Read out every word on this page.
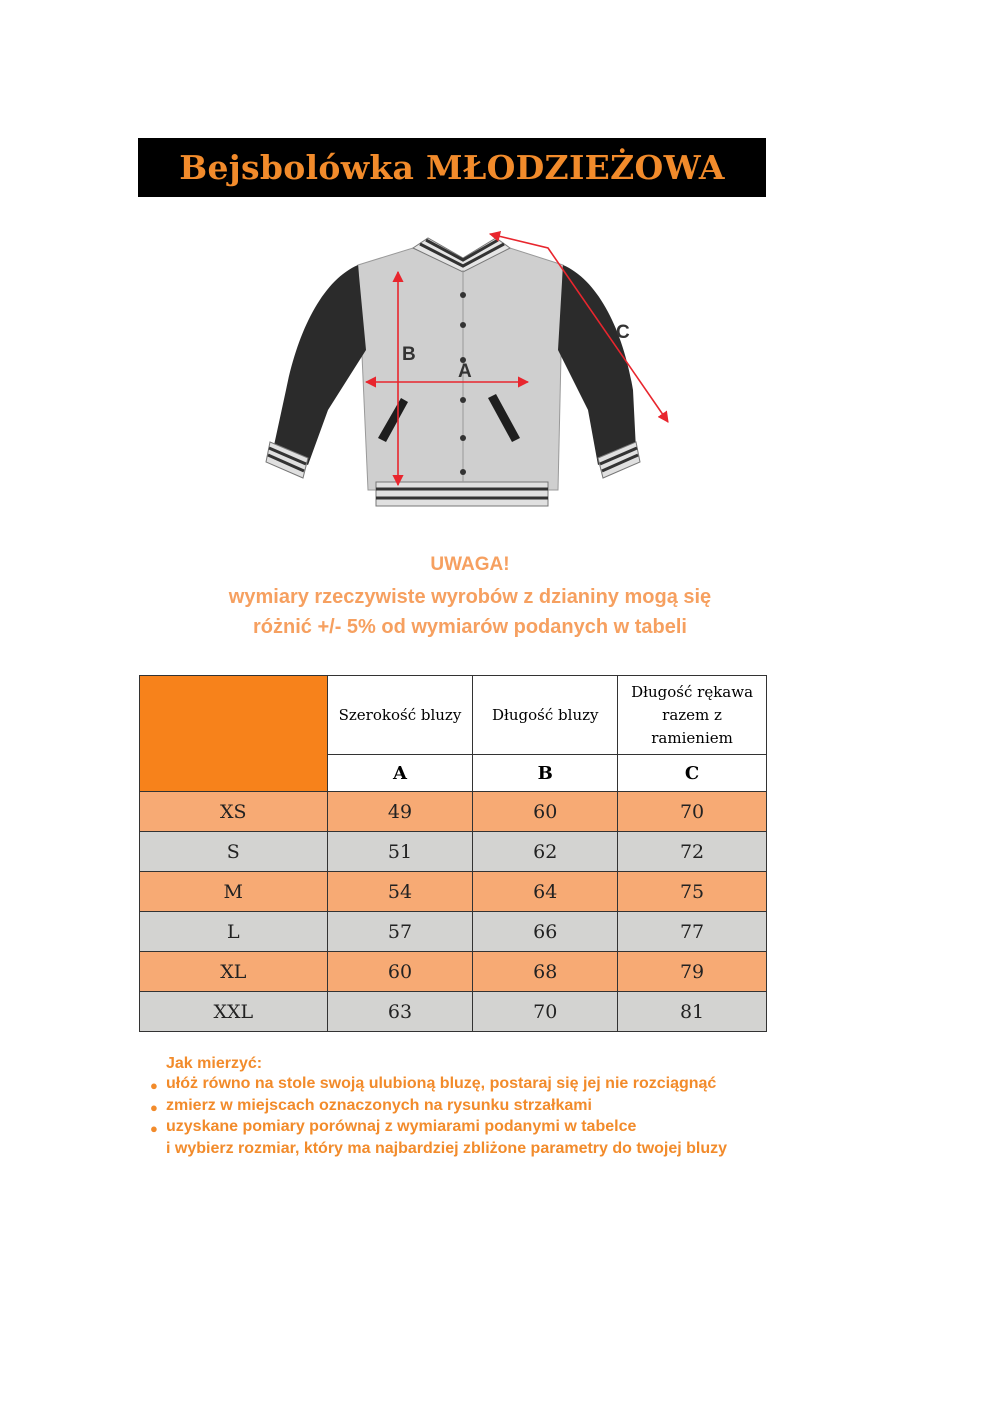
Bejsbolówka MŁODZIEŻOWA
B
A
C
UWAGA!
wymiary rzeczywiste wyrobów z dzianiny mogą się
różnić +/- 5% od wymiarów podanych w tabeli
	Szerokość bluzy	Długość bluzy	Długość rękawa razem z ramieniem
	A	B	C
XS	49	60	70
S	51	62	72
M	54	64	75
L	57	66	77
XL	60	68	79
XXL	63	70	81
Jak mierzyć:
● ułóż równo na stole swoją ulubioną bluzę, postaraj się jej nie rozciągnąć
● zmierz w miejscach oznaczonych na rysunku strzałkami
● uzyskane pomiary porównaj z wymiarami podanymi w tabelce
i wybierz rozmiar, który ma najbardziej zbliżone parametry do twojej bluzy
